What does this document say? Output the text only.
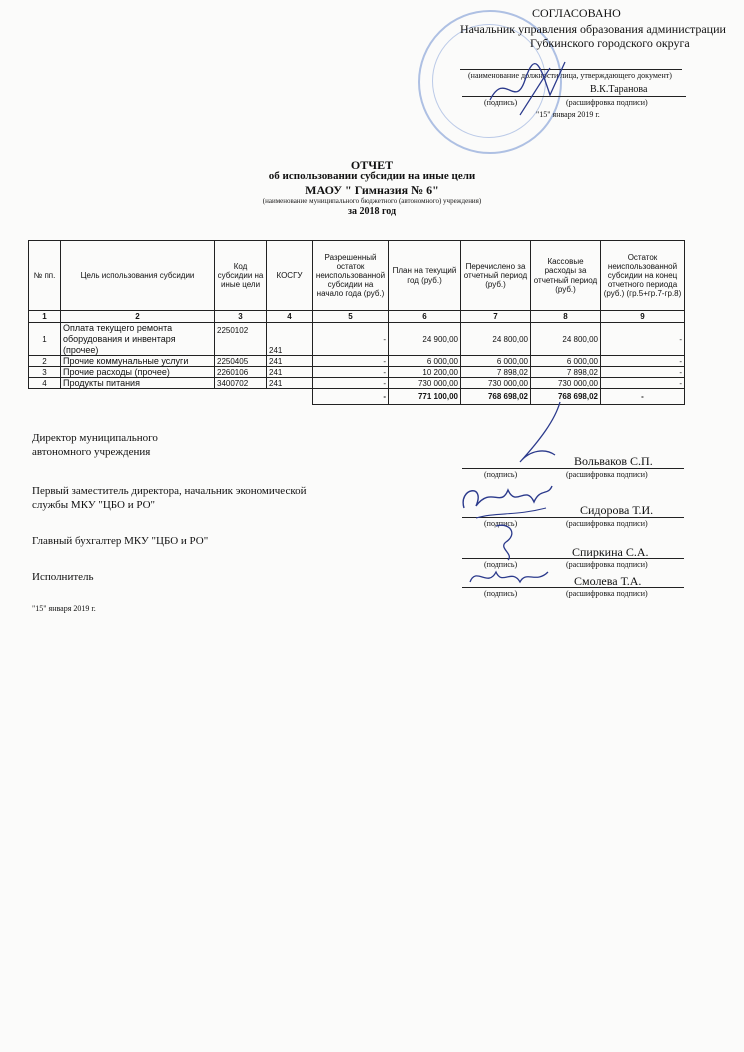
СОГЛАСОВАНО
Начальник управления образования администрации
Губкинского городского округа
(наименование должности лица, утверждающего документ)
В.К.Таранова
(подпись)	(расшифровка подписи)
"15" января 2019 г.
ОТЧЕТ
об использовании субсидии на иные цели
МАОУ " Гимназия № 6"
(наименование муниципального бюджетного (автономного) учреждения)
за 2018 год
№ пп.	Цель использования субсидии	Код субсидии на иные цели	КОСГУ	Разрешенный остаток неиспользованной субсидии на начало года (руб.)	План на текущий год (руб.)	Перечислено за отчетный период (руб.)	Кассовые расходы за отчетный период (руб.)	Остаток неиспользованной субсидии на конец отчетного периода (руб.) (гр.5+гр.7-гр.8)
1	2	3	4	5	6	7	8	9
1	Оплата текущего ремонта оборудования и инвентаря (прочее)	2250102	241	-	24 900,00	24 800,00	24 800,00	-
2	Прочие коммунальные услуги	2250405	241	-	6 000,00	6 000,00	6 000,00	-
3	Прочие расходы (прочее)	2260106	241	-	10 200,00	7 898,02	7 898,02	-
4	Продукты питания	3400702	241	-	730 000,00	730 000,00	730 000,00	-
				-	771 100,00	768 698,02	768 698,02	-
Директор муниципального
автономного учреждения
Вольваков С.П.
(подпись)	(расшифровка подписи)
Первый заместитель директора, начальник экономической
службы МКУ "ЦБО и РО"	Сидорова Т.И.
(подпись)	(расшифровка подписи)
Главный бухгалтер МКУ "ЦБО и РО"
Спиркина С.А.
(подпись)	(расшифровка подписи)
Исполнитель	Смолева Т.А.
(подпись)	(расшифровка подписи)
"15" января 2019 г.
